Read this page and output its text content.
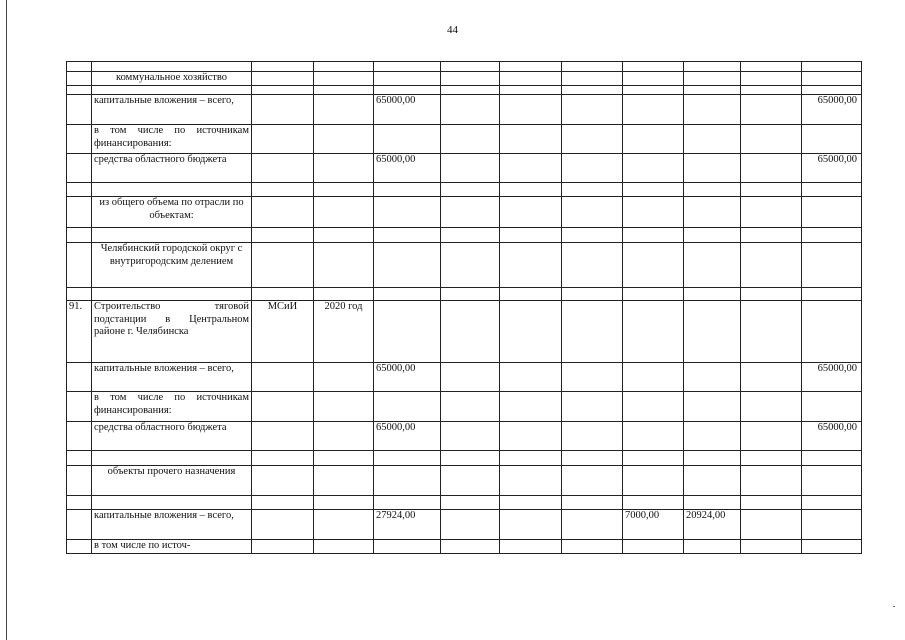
44

	коммунальное хозяйство										

	капитальные вложения – всего,			65000,00							65000,00
	в том числе по источникам финансирования:										
	средства областного бюджета			65000,00							65000,00

	из общего объема по отрасли по объектам:										

	Челябинский городской округ с внутригородским делением										

91.	Строительство тяговой подстанции в Центральном районе г. Челябинска	МСиИ	2020 год								
	капитальные вложения – всего,			65000,00							65000,00
	в том числе по источникам финансирования:										
	средства областного бюджета			65000,00							65000,00

	объекты прочего назначения										

	капитальные вложения – всего,			27924,00				7000,00	20924,00		
	в том числе по источ-										
